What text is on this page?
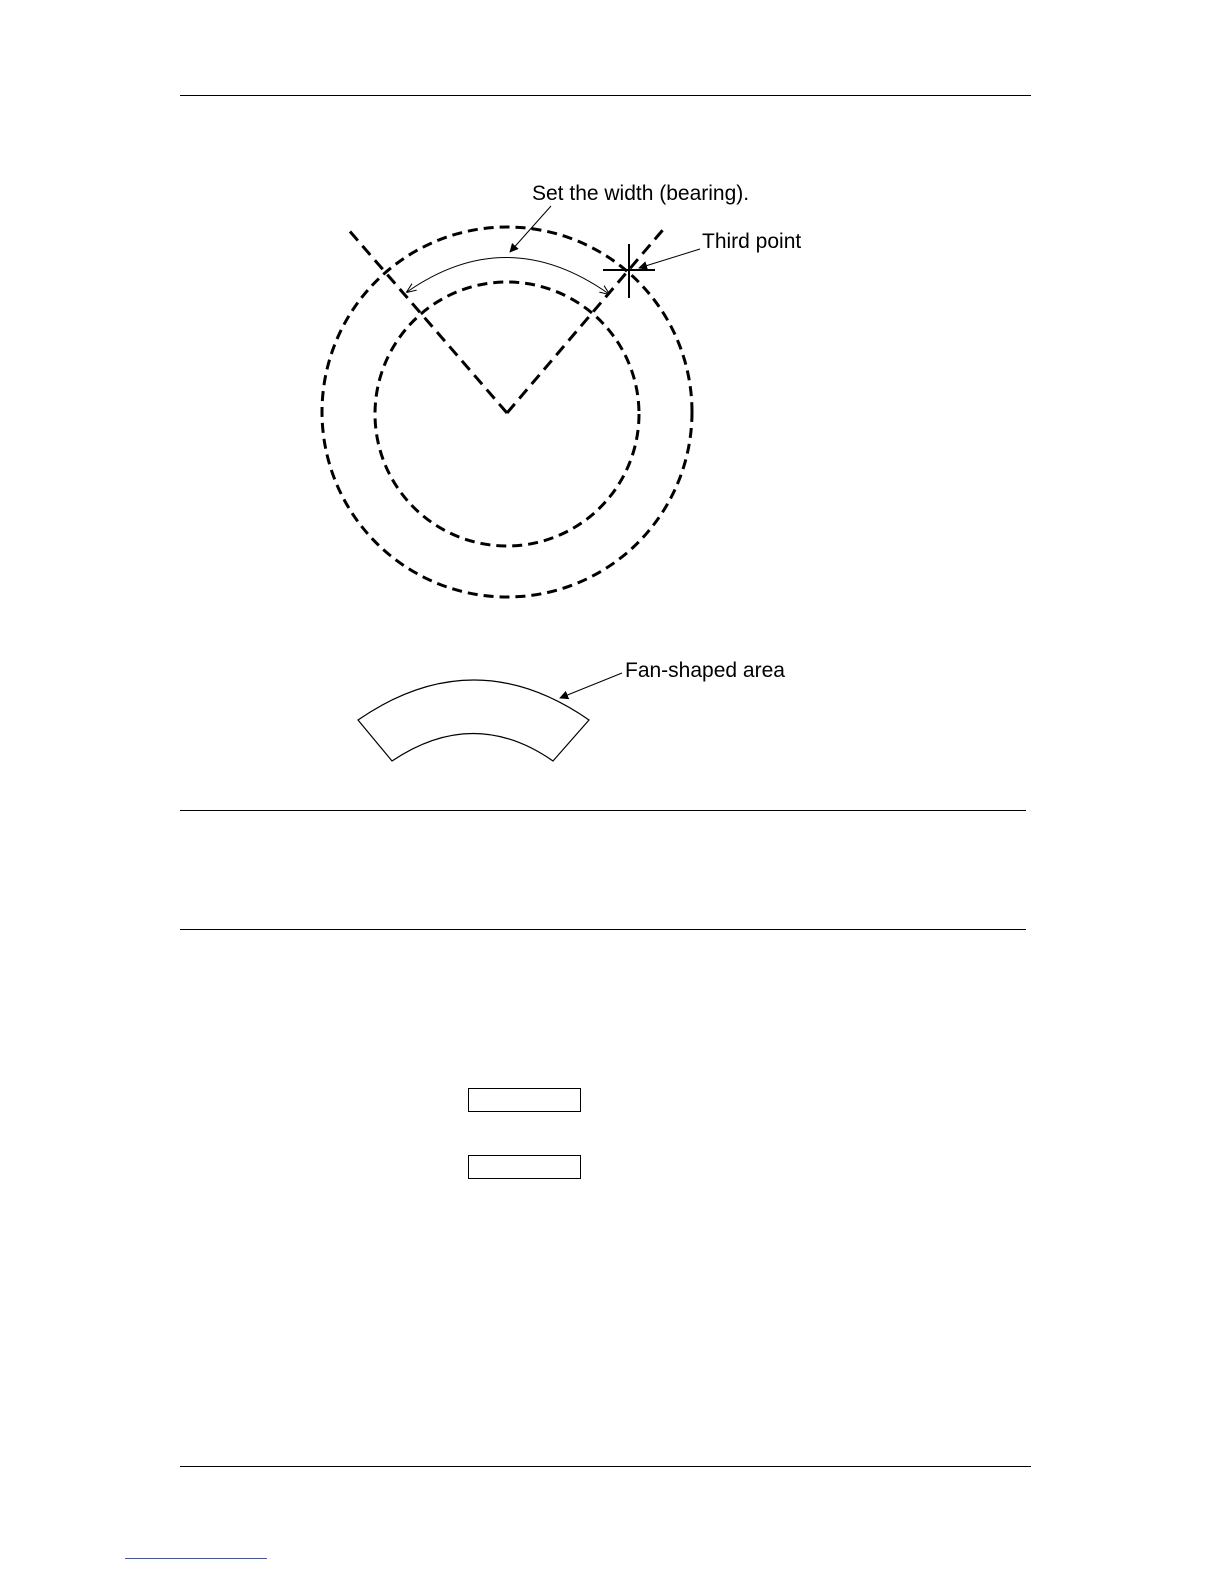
Set the width (bearing).
Third point
Fan-shaped area
